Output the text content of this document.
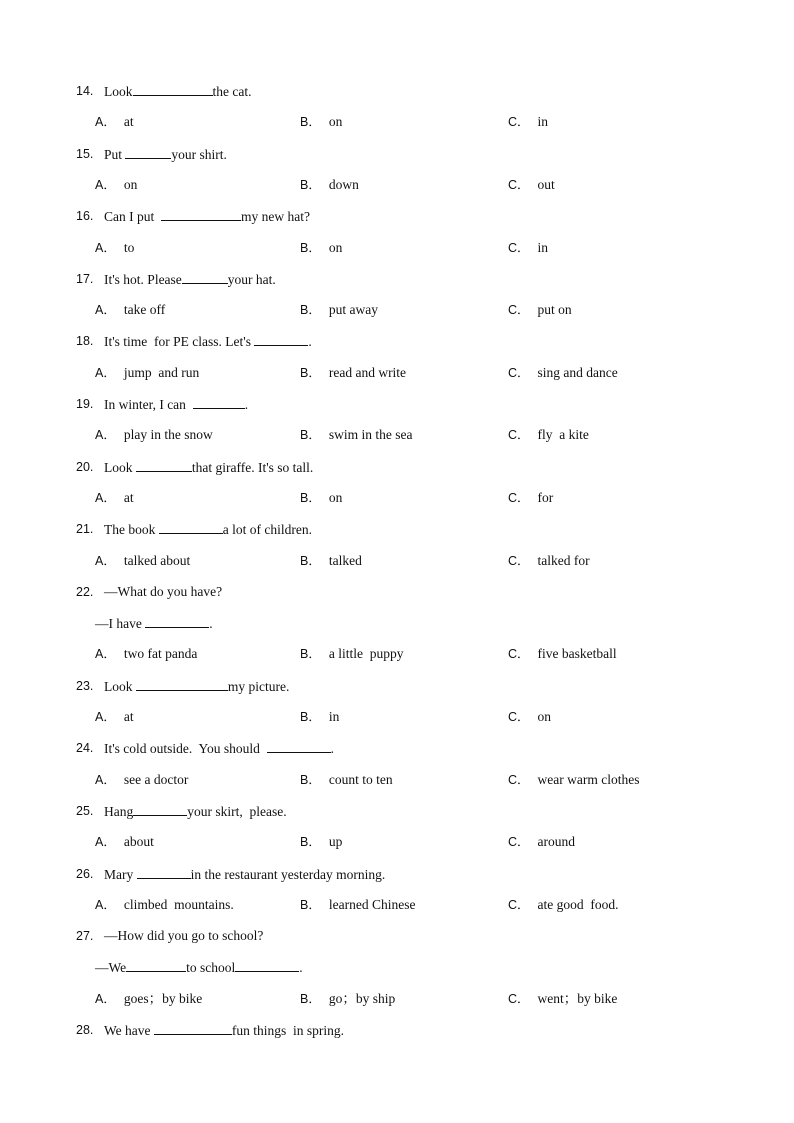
14. Look	the cat.
A． at	B． on	C． in
15. Put	your shirt.
A． on	B． down	C． out
16. Can I put	my new hat?
A． to	B． on	C． in
17. It's hot. Please	your hat.
A． take off	B． put away	C． put on
18. It's time  for PE class. Let's	.
A． jump  and run	B． read and write	C． sing and dance
19. In winter, I can	.
A． play in the snow	B． swim in the sea	C． fly  a kite
20. Look	that giraffe. It's so tall.
A． at	B． on	C． for
21. The book	a lot of children.
A． talked about	B． talked	C． talked for
22. —What do you have?
—I have	.
A． two fat panda	B． a little  puppy	C． five basketball
23. Look	my picture.
A． at	B． in	C． on
24. It's cold outside.  You should	.
A． see a doctor	B． count to ten	C． wear warm clothes
25. Hang	your skirt,  please.
A． about	B． up	C． around
26. Mary	in the restaurant yesterday morning.
A． climbed  mountains.	B． learned Chinese	C． ate good  food.
27. —How did you go to school?
—We	to school	.
A． goes；by bike	B． go；by ship	C． went；by bike
28. We have	fun things  in spring.
